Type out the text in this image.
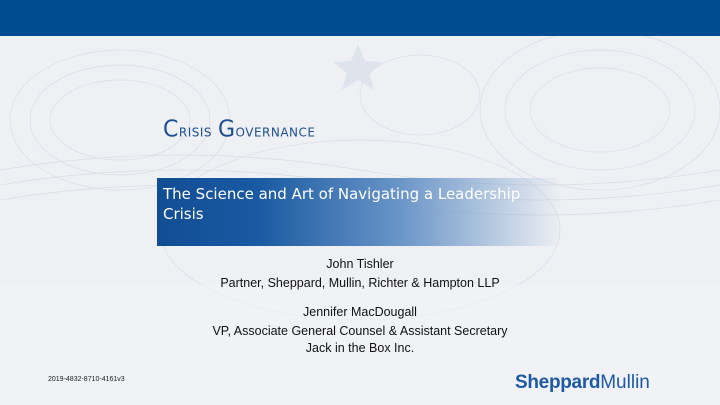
Crisis Governance
The Science and Art of Navigating a Leadership Crisis
John Tishler
Partner, Sheppard, Mullin, Richter & Hampton LLP
Jennifer MacDougall
VP, Associate General Counsel & Assistant Secretary
Jack in the Box Inc.
2019-4832-8710-4161v3	SheppardMullin
